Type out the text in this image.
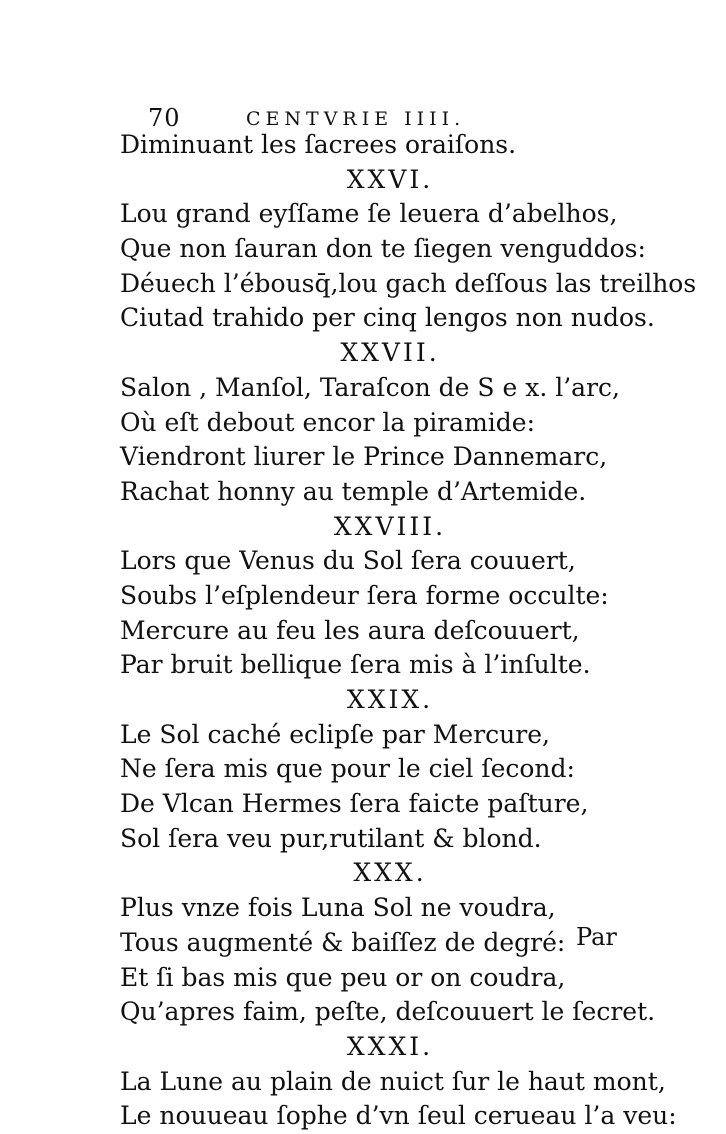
70	CENTVRIE IIII.
Diminuant les ſacrees oraiſons.
XXVI.
Lou grand eyſſame ſe leuera d’abelhos,
Que non ſauran don te ſiegen venguddos:
Déuech l’ébousq̄,lou gach deſſous las treilhos
Ciutad trahido per cinq lengos non nudos.
XXVII.
Salon , Manſol, Taraſcon de S e x. l’arc,
Où eſt debout encor la piramide:
Viendront liurer le Prince Dannemarc,
Rachat honny au temple d’Artemide.
XXVIII.
Lors que Venus du Sol ſera couuert,
Soubs l’eſplendeur ſera forme occulte:
Mercure au feu les aura deſcouuert,
Par bruit bellique ſera mis à l’inſulte.
XXIX.
Le Sol caché eclipſe par Mercure,
Ne ſera mis que pour le ciel ſecond:
De Vlcan Hermes ſera faicte paſture,
Sol ſera veu pur,rutilant & blond.
XXX.
Plus vnze fois Luna Sol ne voudra,
Tous augmenté & baiſſez de degré:
Et ſi bas mis que peu or on coudra,
Qu’apres faim, peſte, deſcouuert le ſecret.
XXXI.
La Lune au plain de nuict ſur le haut mont,
Le nouueau ſophe d’vn ſeul cerueau l’a veu:
Par
